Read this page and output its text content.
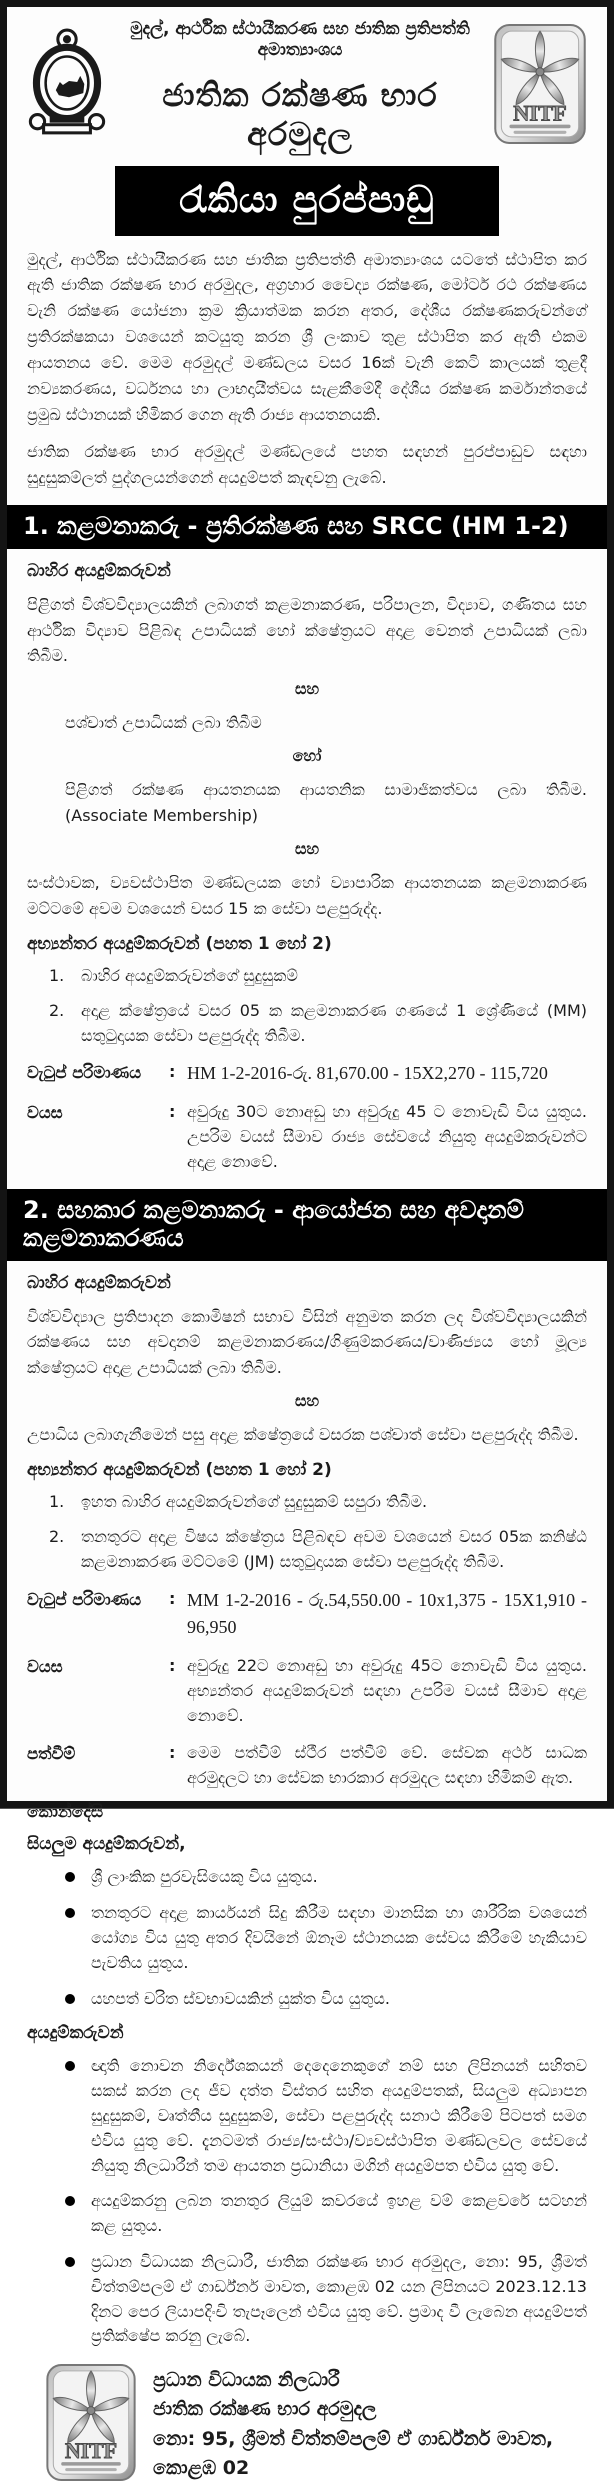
මුදල්, ආර්ථික ස්ථායීකරණ සහ ජාතික ප්‍රතිපත්ති අමාත්‍යාංශය
ජාතික රක්ෂණ භාර අරමුදල
රැකියා පුරප්පාඩු

මුදල්, ආර්ථික ස්ථායීකරණ සහ ජාතික ප්‍රතිපත්ති අමාත්‍යාංශය යටතේ ස්ථාපිත කර ඇති ජාතික රක්ෂණ භාර අරමුදල, අග්‍රහාර වෛද්‍ය රක්ෂණ, මෝටර් රථ රක්ෂණය වැනි රක්ෂණ යෝජනා ක්‍රම ක්‍රියාත්මක කරන අතර, දේශීය රක්ෂණකරුවන්ගේ ප්‍රතිරක්ෂකයා වශයෙන් කටයුතු කරන ශ්‍රී ලංකාව තුළ ස්ථාපිත කර ඇති එකම ආයතනය වේ. මෙම අරමුදල් මණ්ඩලය වසර 16ක් වැනි කෙටි කාලයක් තුළදී නව්‍යකරණය, වර්ධනය හා ලාභදායීත්වය සැළකීමේදී දේශීය රක්ෂණ කර්මාන්තයේ ප්‍රමුඛ ස්ථානයක් හිමිකර ගෙන ඇති රාජ්‍ය ආයතනයකි.

ජාතික රක්ෂණ භාර අරමුදල් මණ්ඩලයේ පහත සඳහන් පුරප්පාඩුව සඳහා සුදුසුකම්ලත් පුද්ගලයන්ගෙන් අයදුම්පත් කැඳවනු ලැබේ.

1. කළමනාකරු - ප්‍රතිරක්ෂණ සහ SRCC (HM 1-2)
බාහිර අයදුම්කරුවන්

පිළිගත් විශ්වවිද්‍යාලයකින් ලබාගත් කළමනාකරණ, පරිපාලන, විද්‍යාව, ගණිතය සහ ආර්ථික විද්‍යාව පිළිබඳ උපාධියක් හෝ ක්ෂේත්‍රයට අදාළ වෙනත් උපාධියක් ලබා තිබීම.

සහ

පශ්චාත් උපාධියක් ලබා තිබීම

හෝ

පිළිගත් රක්ෂණ ආයතනයක ආයතනික සාමාජිකත්වය ලබා තිබීම. (Associate Membership)

සහ

සංස්ථාවක, ව්‍යවස්ථාපිත මණ්ඩලයක හෝ ව්‍යාපාරික ආයතනයක කළමනාකරණ මට්ටමේ අවම වශයෙන් වසර 15 ක සේවා පළපුරුද්ද.

අභ්‍යන්තර අයදුම්කරුවන් (පහත 1 හෝ 2)
1.	බාහිර අයදුම්කරුවන්ගේ සුදුසුකම්
2.	අදාළ ක්ෂේත්‍රයේ වසර 05 ක කළමනාකරණ ගණයේ 1 ශ්‍රේණියේ (MM) සතුටුදායක සේවා පළපුරුද්ද තිබීම.
වැටුප් පරිමාණය	: HM 1-2-2016-රු. 81,670.00 - 15X2,270 - 115,720
වයස	: අවුරුදු 30ට නොඅඩු හා අවුරුදු 45 ට නොවැඩි විය යුතුය. උපරිම වයස් සීමාව රාජ්‍ය සේවයේ නියුතු අයදුම්කරුවන්ට අදාළ නොවේ.
2. සහකාර කළමනාකරු - ආයෝජන සහ අවදානම් කළමනාකරණය
බාහිර අයදුම්කරුවන්

විශ්වවිද්‍යාල ප්‍රතිපාදන කොමිෂන් සභාව විසින් අනුමත කරන ලද විශ්වවිද්‍යාලයකින් රක්ෂණය සහ අවදානම් කළමනාකරණය/ගිණුම්කරණය/වාණිජ්‍යය හෝ මූල්‍ය ක්ෂේත්‍රයට අදාළ උපාධියක් ලබා තිබීම.

සහ

උපාධිය ලබාගැනීමෙන් පසු අදාළ ක්ෂේත්‍රයේ වසරක පශ්චාත් සේවා පළපුරුද්ද තිබීම.

අභ්‍යන්තර අයදුම්කරුවන් (පහත 1 හෝ 2)
1.	ඉහත බාහිර අයදුම්කරුවන්ගේ සුදුසුකම් සපුරා තිබීම.
2.	තනතුරට අදාළ විෂය ක්ෂේත්‍රය පිළිබඳව අවම වශයෙන් වසර 05ක කනිෂ්ඨ කළමනාකරණ මට්ටමේ (JM) සතුටුදායක සේවා පළපුරුද්ද තිබීම.
වැටුප් පරිමාණය	: MM 1-2-2016 - රු.54,550.00 - 10x1,375 - 15X1,910 - 96,950
වයස	: අවුරුදු 22ට නොඅඩු හා අවුරුදු 45ට නොවැඩි විය යුතුය. අභ්‍යන්තර අයදුම්කරුවන් සඳහා උපරිම වයස් සීමාව අදාළ නොවේ.
පත්වීම්	: මෙම පත්වීම් ස්ථීර පත්වීම් වේ. සේවක අර්ථ සාධක අරමුදලට හා සේවක භාරකාර අරමුදල සඳහා හිමිකම් ඇත.
කොන්දේසි
සියලුම අයදුම්කරුවන්,
ශ්‍රී ලාංකික පුරවැසියෙකු විය යුතුය.
තනතුරට අදාළ කාර්යයන් සිදු කිරීම සඳහා මානසික හා ශාරීරික වශයෙන් යෝග්‍ය විය යුතු අතර දිවයිනේ ඕනෑම ස්ථානයක සේවය කිරීමේ හැකියාව පැවතිය යුතුය.
යහපත් චරිත ස්වභාවයකින් යුක්ත විය යුතුය.
අයදුම්කරුවන්
ඥාති නොවන නිර්දේශකයන් දෙදෙනෙකුගේ නම් සහ ලිපිනයන් සහිතව සකස් කරන ලද ජීව දත්ත විස්තර සහිත අයදුම්පතක්, සියලුම අධ්‍යාපන සුදුසුකම්, වෘත්තීය සුදුසුකම්, සේවා පළපුරුද්ද සනාථ කිරීමේ පිටපත් සමග එවිය යුතු වේ. දැනටමත් රාජ්‍ය/සංස්ථා/ව්‍යවස්ථාපිත මණ්ඩලවල සේවයේ නියුතු නිලධාරීන් තම ආයතන ප්‍රධානියා මගින් අයදුම්පත එවිය යුතු වේ.
අයදුම්කරනු ලබන තනතුර ලියුම් කවරයේ ඉහළ වම් කෙළවරේ සටහන් කළ යුතුය.
ප්‍රධාන විධායක නිලධාරී, ජාතික රක්ෂණ භාර අරමුදල, නො: 95, ශ්‍රීමත් චිත්තම්පලම් ඒ ගාර්ඩ්නර් මාවත, කොළඹ 02 යන ලිපිනයට 2023.12.13 දිනට පෙර ලියාපදිංචි තැපෑලෙන් එවිය යුතු වේ. ප්‍රමාද වී ලැබෙන අයදුම්පත් ප්‍රතික්ෂේප කරනු ලැබේ.
ප්‍රධාන විධායක නිලධාරී
ජාතික රක්ෂණ භාර අරමුදල
නො: 95, ශ්‍රීමත් චිත්තම්පලම් ඒ ගාර්ඩ්නර් මාවත,
කොළඹ 02
